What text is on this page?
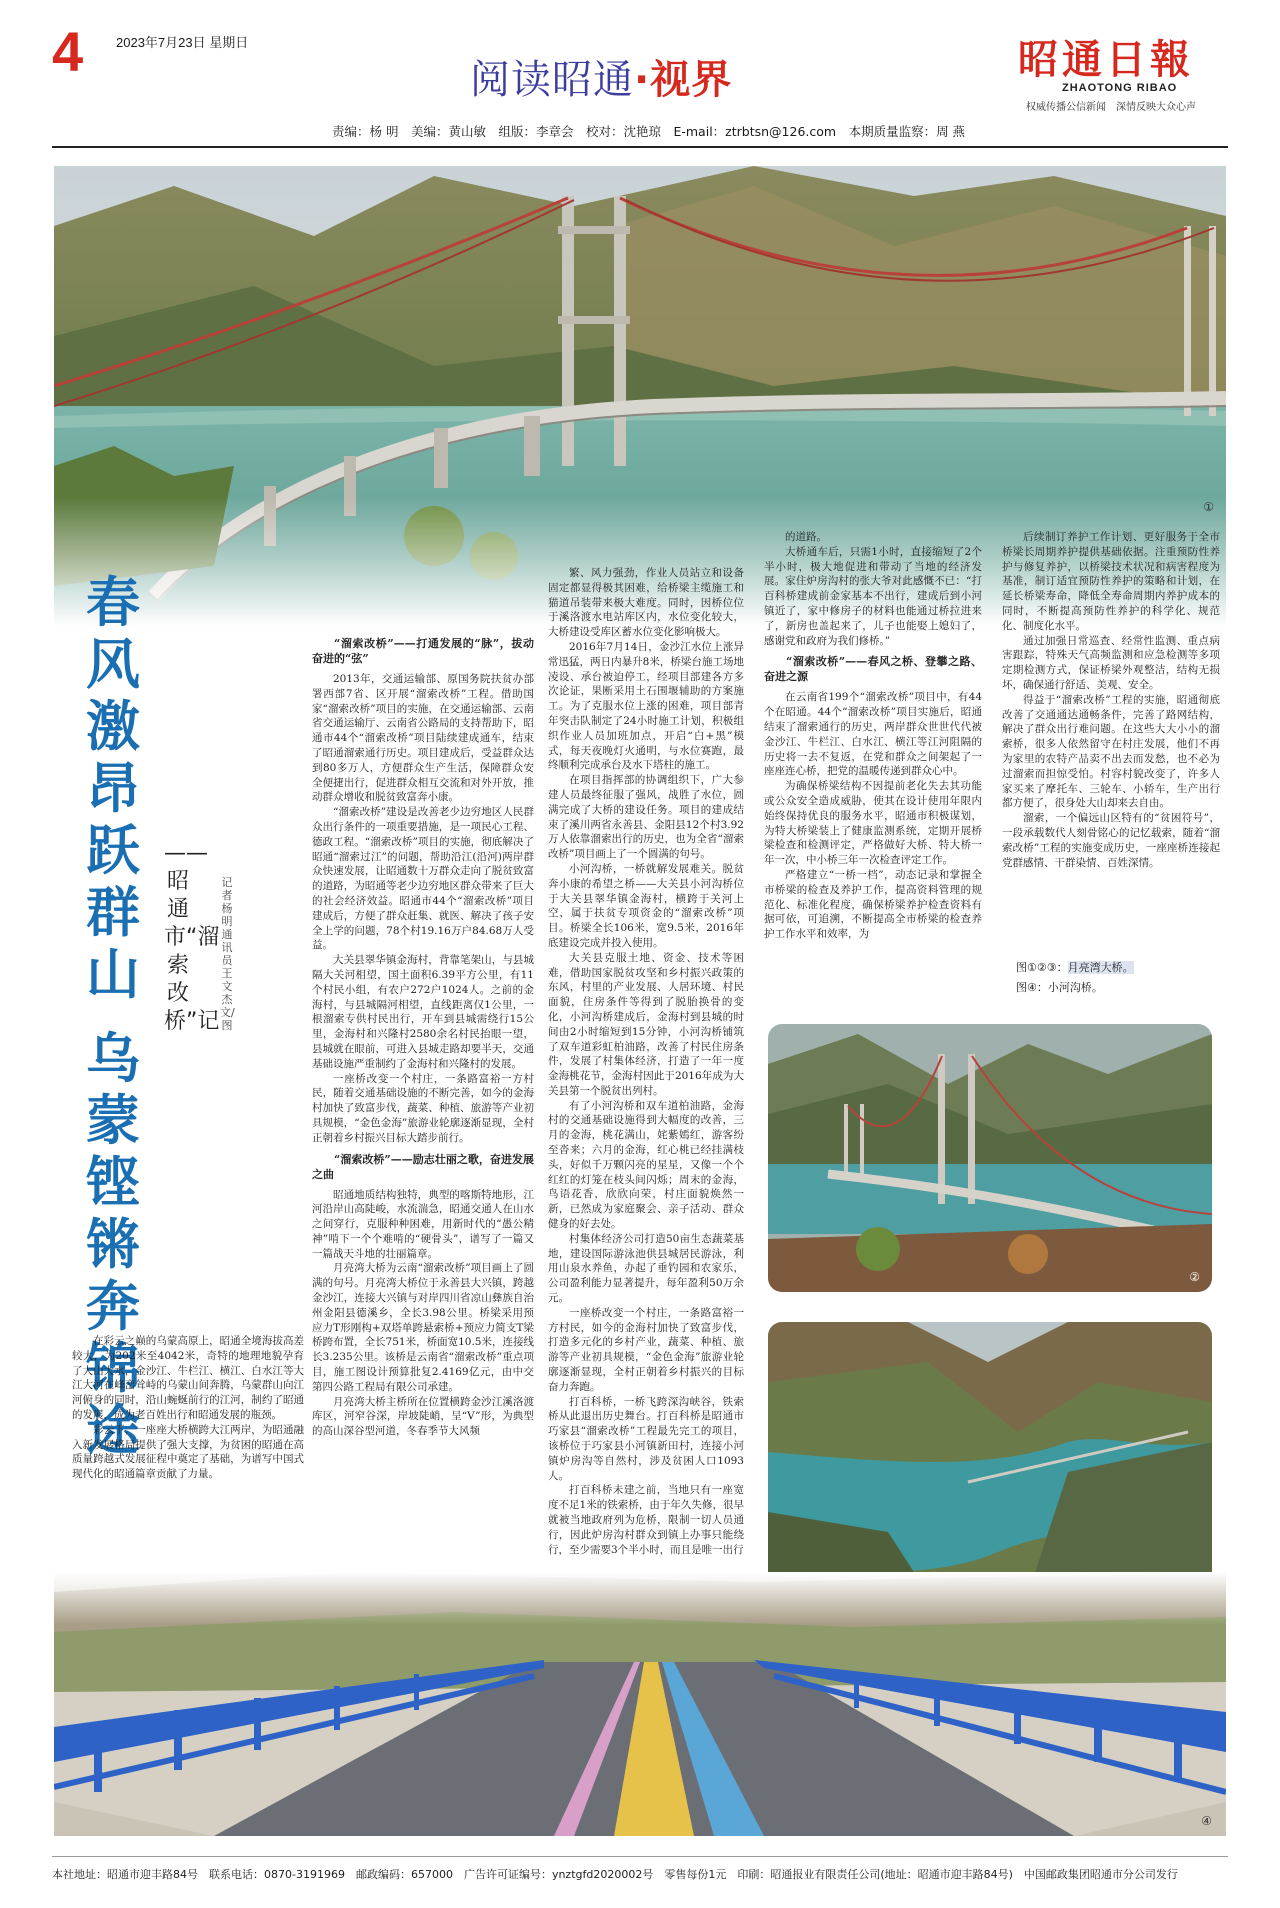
4	2023年7月23日 星期日
阅读昭通·视界	昭通日報
ZHAOTONG RIBAO
权威传播公信新闻　深情反映大众心声
责编：杨 明　美编：黄山敏　组版：李章会　校对：沈艳琼　E-mail：ztrbtsn@126.com　本期质量监察：周 燕
①
春风激昂跃群山
乌蒙铿锵奔锦途
——昭通市“溜索改桥”记
记者 杨 明 通讯员 王文杰 文/图

在彩云之巅的乌蒙高原上，昭通全境海拔高差较大，为202米至4042米，奇特的地理地貌孕育了大山大水，金沙江、牛栏江、横江、白水江等大江大河在峰峦耸峙的乌蒙山间奔腾，乌蒙群山向江河俯身的同时，沿山蜿蜒前行的江河，制约了昭通的发展，成为老百姓出行和昭通发展的瓶颈。

彩云下，一座座大桥横跨大江两岸，为昭通融入新发展格局提供了强大支撑，为贫困的昭通在高质量跨越式发展征程中奠定了基础，为谱写中国式现代化的昭通篇章贡献了力量。

“溜索改桥”——打通发展的“脉”，拔动奋进的“弦”

2013年，交通运输部、原国务院扶贫办部署西部7省、区开展“溜索改桥”工程。借助国家“溜索改桥”项目的实施，在交通运输部、云南省交通运输厅、云南省公路局的支持帮助下，昭通市44个“溜索改桥”项目陆续建成通车，结束了昭通溜索通行历史。项目建成后，受益群众达到80多万人，方便群众生产生活，保障群众安全便捷出行，促进群众相互交流和对外开放，推动群众增收和脱贫致富奔小康。

“溜索改桥”建设是改善老少边穷地区人民群众出行条件的一项重要措施，是一项民心工程、德政工程。“溜索改桥”项目的实施，彻底解决了昭通“溜索过江”的问题，帮助沿江(沿河)两岸群众快速发展，让昭通数十万群众走向了脱贫致富的道路，为昭通等老少边穷地区群众带来了巨大的社会经济效益。昭通市44个“溜索改桥”项目建成后，方便了群众赶集、就医、解决了孩子安全上学的问题，78个村19.16万户84.68万人受益。

大关县翠华镇金海村，背靠笔架山，与县城隔大关河相望，国土面积6.39平方公里，有11个村民小组，有农户272户1024人。之前的金海村，与县城隔河相望，直线距离仅1公里，一根溜索专供村民出行，开车到县城需绕行15公里，金海村和兴隆村2580余名村民抬眼一望，县城就在眼前，可进入县城走路却要半天，交通基础设施严重制约了金海村和兴隆村的发展。

一座桥改变一个村庄，一条路富裕一方村民，随着交通基础设施的不断完善，如今的金海村加快了致富步伐，蔬菜、种植、旅游等产业初具规模，“金色金海”旅游业轮廓逐渐显现，全村正朝着乡村振兴目标大踏步前行。

“溜索改桥”——励志壮丽之歌，奋进发展之曲

昭通地质结构独特，典型的喀斯特地形，江河沿岸山高陡峻，水流湍急，昭通交通人在山水之间穿行，克服种种困难，用新时代的“愚公精神”啃下一个个难啃的“硬骨头”，谱写了一篇又一篇战天斗地的壮丽篇章。

月亮湾大桥为云南“溜索改桥”项目画上了圆满的句号。月亮湾大桥位于永善县大兴镇，跨越金沙江，连接大兴镇与对岸四川省凉山彝族自治州金阳县德溪乡，全长3.98公里。桥梁采用预应力T形刚构+双塔单跨悬索桥+预应力简支T梁桥跨布置，全长751米，桥面宽10.5米，连接线长3.235公里。该桥是云南省“溜索改桥”重点项目，施工图设计预算批复2.4169亿元，由中交第四公路工程局有限公司承建。

月亮湾大桥主桥所在位置横跨金沙江溪洛渡库区，河窄谷深，岸坡陡峭，呈“V”形，为典型的高山深谷型河道，冬春季节大风频

繁、风力强劲，作业人员站立和设备固定都显得极其困难，给桥梁主缆施工和猫道吊装带来极大难度。同时，因桥位位于溪洛渡水电站库区内，水位变化较大，大桥建设受库区蓄水位变化影响极大。

2016年7月14日，金沙江水位上涨异常迅猛，两日内暴升8米，桥梁台施工场地凌设、承台被迫停工，经项目部建各方多次论证，果断采用土石围堰辅助的方案施工。为了克服水位上涨的困难，项目部青年突击队制定了24小时施工计划，积极组织作业人员加班加点，开启“白+黑”模式，每天夜晚灯火通明，与水位赛跑，最终顺利完成承台及水下塔柱的施工。

在项目指挥部的协调组织下，广大参建人员最终征服了强风，战胜了水位，圆满完成了大桥的建设任务。项目的建成结束了溪川两省永善县、金阳县12个村3.92万人依靠溜索出行的历史，也为全省“溜索改桥”项目画上了一个圆满的句号。

小河沟桥，一桥就解发展难关。脱贫奔小康的希望之桥——大关县小河沟桥位于大关县翠华镇金海村，横跨于关河上空，属于扶贫专项资金的“溜索改桥”项目。桥梁全长106米，宽9.5米，2016年底建设完成并投入使用。

大关县克服土地、资金、技术等困难，借助国家脱贫攻坚和乡村振兴政策的东风，村里的产业发展、人居环境、村民面貌，住房条件等得到了脱胎换骨的变化，小河沟桥建成后，金海村到县城的时间由2小时缩短到15分钟，小河沟桥铺筑了双车道彩虹柏油路，改善了村民住房条件，发展了村集体经济，打造了一年一度金海桃花节，金海村因此于2016年成为大关县第一个脱贫出列村。

有了小河沟桥和双车道柏油路，金海村的交通基础设施得到大幅度的改善，三月的金海，桃花满山，姹紫嫣红，游客纷至沓来；六月的金海，红心桃已经挂满枝头，好似千万颗闪亮的星星，又像一个个红红的灯笼在枝头间闪烁；周末的金海，鸟语花香，欣欣向荣，村庄面貌焕然一新，已然成为家庭聚会、亲子活动、群众健身的好去处。

村集体经济公司打造50亩生态蔬菜基地，建设国际游泳池供县城居民游泳，利用山泉水养鱼，办起了垂钓园和农家乐，公司盈利能力显著提升，每年盈利50万余元。

一座桥改变一个村庄，一条路富裕一方村民，如今的金海村加快了致富步伐，打造多元化的乡村产业，蔬菜、种植、旅游等产业初具规模，“金色金海”旅游业轮廓逐渐显现，全村正朝着乡村振兴的目标奋力奔跑。

打百科桥，一桥飞跨深沟峡谷，铁索桥从此退出历史舞台。打百科桥是昭通市巧家县“溜索改桥”工程最先完工的项目，该桥位于巧家县小河镇新田村，连接小河镇炉房沟等自然村，涉及贫困人口1093人。

打百科桥未建之前，当地只有一座宽度不足1米的铁索桥，由于年久失修，很早就被当地政府列为危桥，限制一切人员通行，因此炉房沟村群众到镇上办事只能绕行，至少需要3个半小时，而且是唯一出行

的道路。

大桥通车后，只需1小时，直接缩短了2个半小时，极大地促进和带动了当地的经济发展。家住炉房沟村的张大爷对此感慨不已：“打百科桥建成前金家基本不出行，建成后到小河镇近了，家中修房子的材料也能通过桥拉进来了，新房也盖起来了，儿子也能娶上媳妇了，感谢党和政府为我们修桥。”

“溜索改桥”——春风之桥、登攀之路、奋进之源

在云南省199个“溜索改桥”项目中，有44个在昭通。44个“溜索改桥”项目实施后，昭通结束了溜索通行的历史，两岸群众世世代代被金沙江、牛栏江、白水江、横江等江河阻隔的历史将一去不复返，在党和群众之间架起了一座座连心桥，把党的温暖传递到群众心中。

为确保桥梁结构不因提前老化失去其功能或公众安全造成威胁，使其在设计使用年限内始终保持优良的服务水平，昭通市积极谋划，为特大桥梁装上了健康监测系统，定期开展桥梁检查和检测评定，严格做好大桥、特大桥一年一次，中小桥三年一次检查评定工作。

严格建立“一桥一档”，动态记录和掌握全市桥梁的检查及养护工作，提高资料管理的规范化、标准化程度，确保桥梁养护检查资料有据可依，可追溯，不断提高全市桥梁的检查养护工作水平和效率，为

后续制订养护工作计划、更好服务于全市桥梁长周期养护提供基础依据。注重预防性养护与修复养护，以桥梁技术状况和病害程度为基准，制订适宜预防性养护的策略和计划，在延长桥梁寿命，降低全寿命周期内养护成本的同时，不断提高预防性养护的科学化、规范化、制度化水平。

通过加强日常巡查、经常性监测、重点病害跟踪，特殊天气高频监测和应急检测等多项定期检测方式，保证桥梁外观整洁，结构无损坏，确保通行舒适、美观、安全。

得益于“溜索改桥”工程的实施，昭通彻底改善了交通通达通畅条件，完善了路网结构，解决了群众出行难问题。在这些大大小小的溜索桥，很多人依然留守在村庄发展，他们不再为家里的农特产品卖不出去而发愁，也不必为过溜索而担惊受怕。村容村貌改变了，许多人家买来了摩托车、三轮车、小轿车，生产出行都方便了，很身处大山却来去自由。

溜索，一个偏远山区特有的“贫困符号”，一段承载数代人刻骨铭心的记忆载索，随着“溜索改桥”工程的实施变成历史，一座座桥连接起党群感情、干群染情、百姓深情。

图①②③：月亮湾大桥。
图④：小河沟桥。
②
④
本社地址：昭通市迎丰路84号　联系电话：0870-3191969　邮政编码：657000　广告许可证编号：ynztgfd2020002号　零售每份1元　印刷：昭通报业有限责任公司(地址：昭通市迎丰路84号)　中国邮政集团昭通市分公司发行
